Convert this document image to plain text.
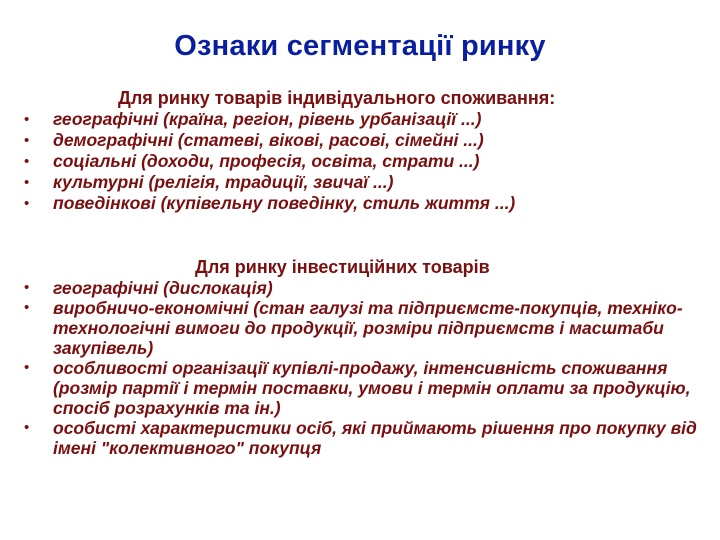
Ознаки сегментації ринку
Для ринку товарів індивідуального споживання:
• географічні (країна, регіон, рівень урбанізації ...)
• демографічні (статеві, вікові, расові, сімейні ...)
• соціальні (доходи, професія, освіта, страти ...)
• культурні (релігія, традиції, звичаї ...)
• поведінкові (купівельну поведінку, стиль життя ...)
Для ринку інвестиційних товарів
• географічні (дислокація)
• виробничо-економічні (стан галузі та підприємсте-покупців, техніко-технологічні вимоги до продукції, розміри підприємств і масштаби закупівель)
• особливості організації купівлі-продажу, інтенсивність споживання (розмір партії і термін поставки, умови і термін оплати за продукцію, спосіб розрахунків та ін.)
• особисті характеристики осіб, які приймають рішення про покупку від імені "колективного" покупця
